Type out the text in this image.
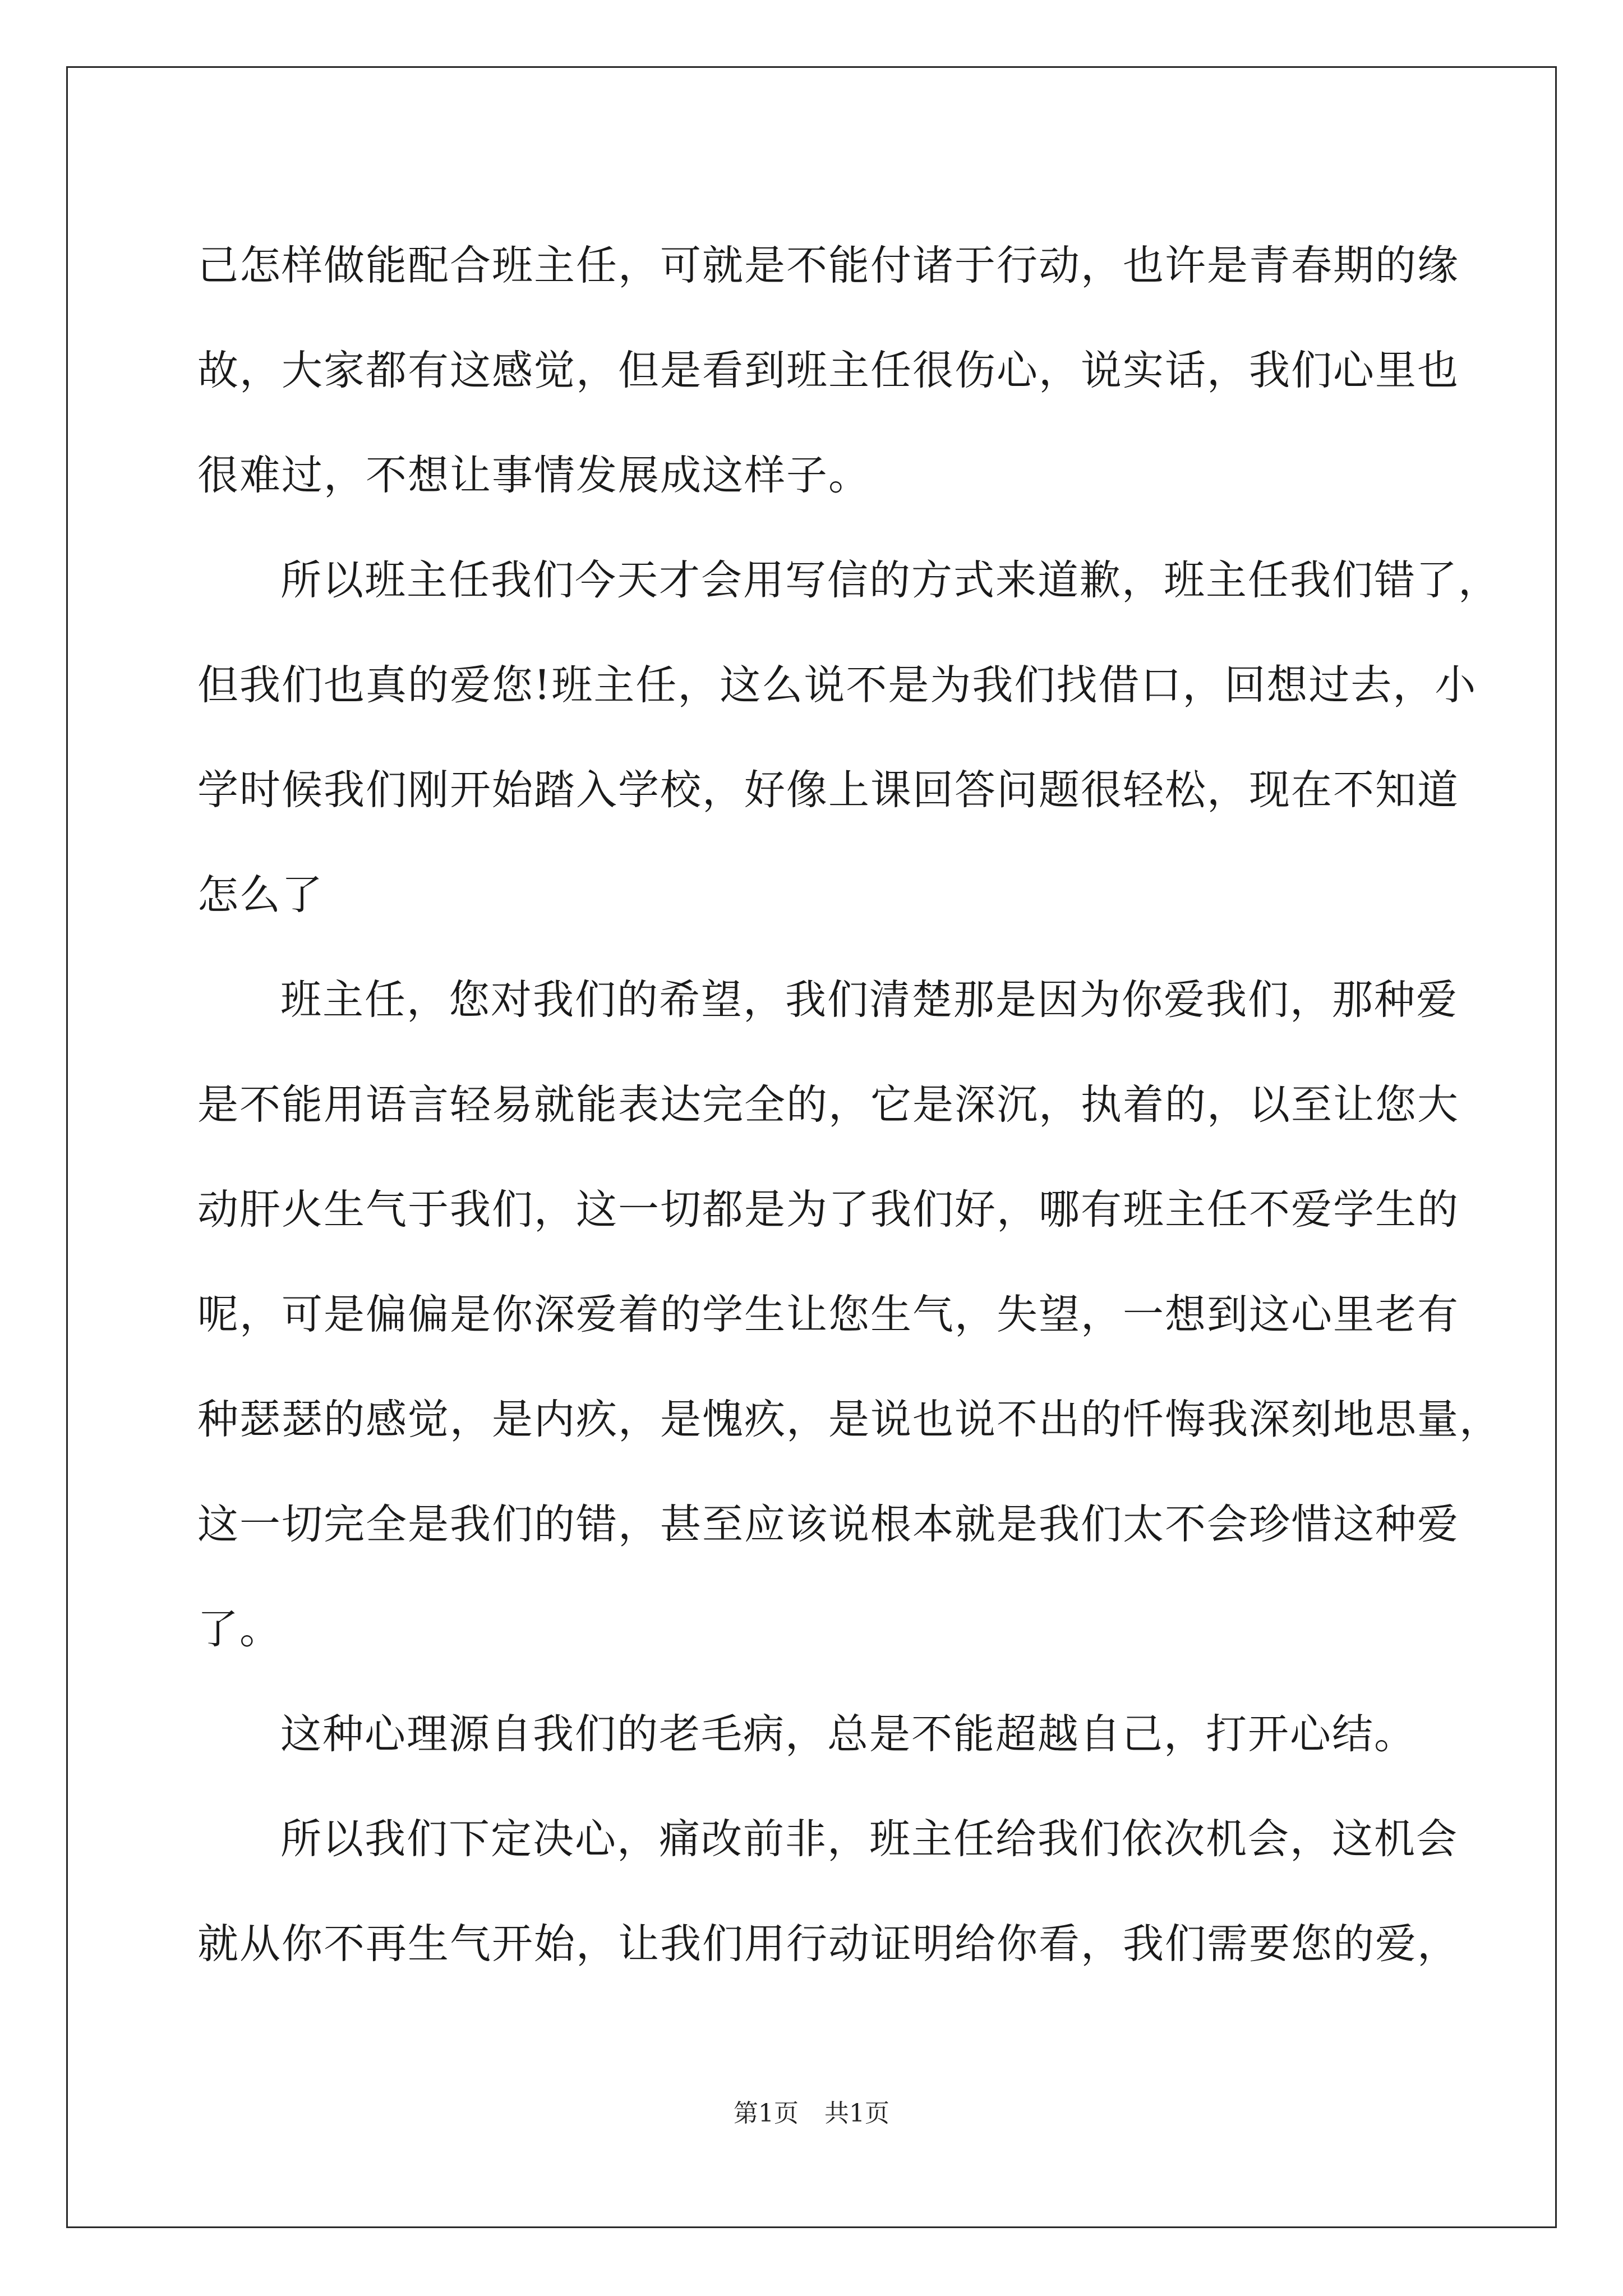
己怎样做能配合班主任，可就是不能付诸于行动，也许是青春期的缘
故，大家都有这感觉，但是看到班主任很伤心，说实话，我们心里也
很难过，不想让事情发展成这样子。
所以班主任我们今天才会用写信的方式来道歉，班主任我们错了，
但我们也真的爱您!班主任，这么说不是为我们找借口，回想过去，小
学时候我们刚开始踏入学校，好像上课回答问题很轻松，现在不知道
怎么了
班主任，您对我们的希望，我们清楚那是因为你爱我们，那种爱
是不能用语言轻易就能表达完全的，它是深沉，执着的，以至让您大
动肝火生气于我们，这一切都是为了我们好，哪有班主任不爱学生的
呢，可是偏偏是你深爱着的学生让您生气，失望，一想到这心里老有
种瑟瑟的感觉，是内疚，是愧疚，是说也说不出的忏悔我深刻地思量，
这一切完全是我们的错，甚至应该说根本就是我们太不会珍惜这种爱
了。
这种心理源自我们的老毛病，总是不能超越自己，打开心结。
所以我们下定决心，痛改前非，班主任给我们依次机会，这机会
就从你不再生气开始，让我们用行动证明给你看，我们需要您的爱，
第1页 共1页
